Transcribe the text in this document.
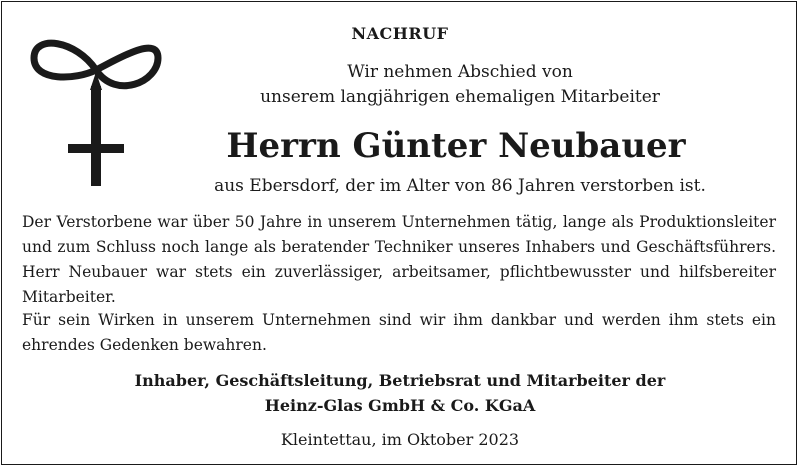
NACHRUF
Wir nehmen Abschied von
unserem langjährigen ehemaligen Mitarbeiter
Herrn Günter Neubauer
aus Ebersdorf, der im Alter von 86 Jahren verstorben ist.
Der Verstorbene war über 50 Jahre in unserem Unternehmen tätig, lange als Produktionsleiter
und zum Schluss noch lange als beratender Techniker unseres Inhabers und Geschäftsführers.
Herr Neubauer war stets ein zuverlässiger, arbeitsamer, pflichtbewusster und hilfsbereiter
Mitarbeiter.
Für sein Wirken in unserem Unternehmen sind wir ihm dankbar und werden ihm stets ein
ehrendes Gedenken bewahren.
Inhaber, Geschäftsleitung, Betriebsrat und Mitarbeiter der
Heinz-Glas GmbH & Co. KGaA
Kleintettau, im Oktober 2023
